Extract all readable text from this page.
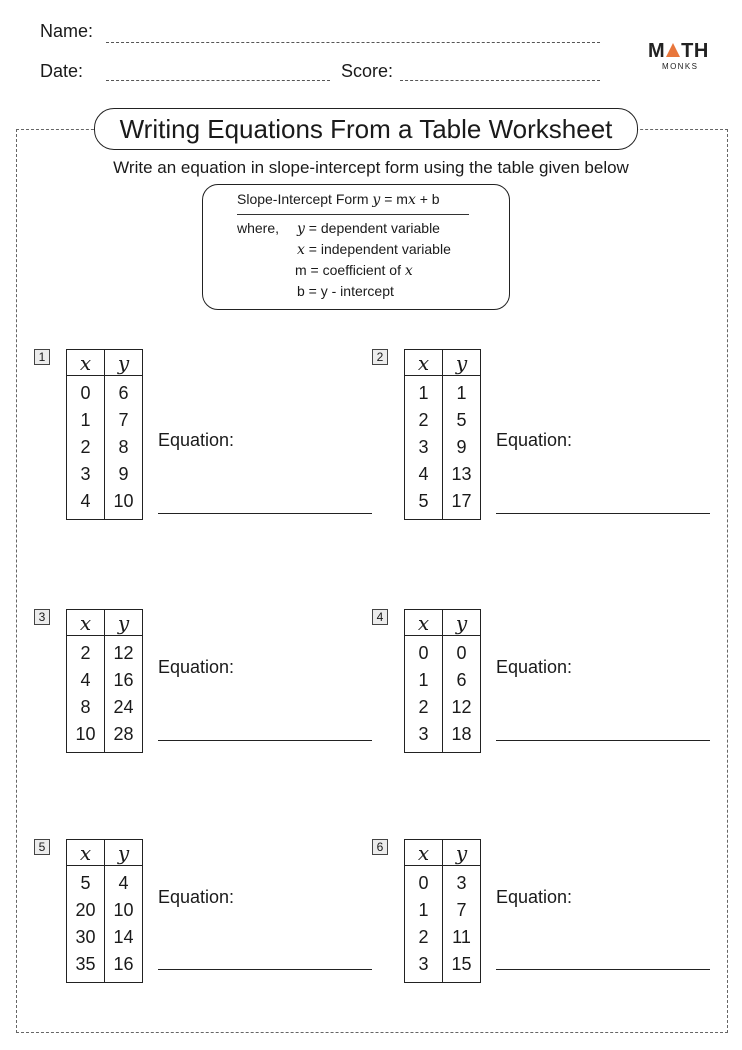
Name:
Date:	Score:
M TH
MONKS
Writing Equations From a Table Worksheet
Write an equation in slope-intercept form using the table given below
Slope-Intercept Form y = mx + b
where, y = dependent variable
x = independent variable
m = coefficient of x
b = y - intercept
1 x	y
0	6
1	7
2	8
3	9
4	10
Equation:
2 x	y
1	1
2	5
3	9
4	13
5	17
Equation:
3 x	y
2	12
4	16
8	24
10	28
Equation:
4 x	y
0	0
1	6
2	12
3	18
Equation:
5 x	y
5	4
20	10
30	14
35	16
Equation:
6 x	y
0	3
1	7
2	11
3	15
Equation:
